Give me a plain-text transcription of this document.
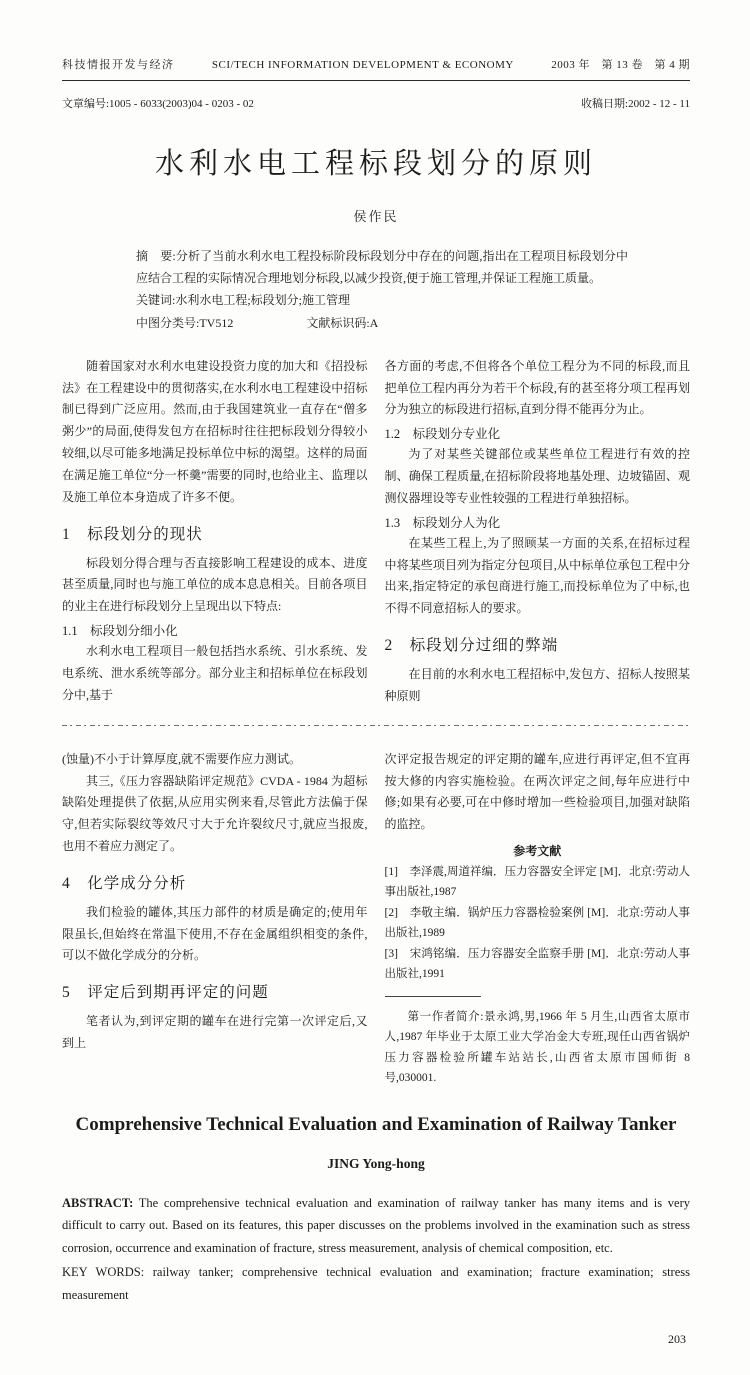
科技情报开发与经济	SCI/TECH INFORMATION DEVELOPMENT & ECONOMY	2003 年　第 13 卷　第 4 期
文章编号:1005 - 6033(2003)04 - 0203 - 02	收稿日期:2002 - 12 - 11
水利水电工程标段划分的原则
侯作民

摘　要:分析了当前水利水电工程投标阶段标段划分中存在的问题,指出在工程项目标段划分中应结合工程的实际情况合理地划分标段,以减少投资,便于施工管理,并保证工程施工质量。

关键词:水利水电工程;标段划分;施工管理

中图分类号:TV512	文献标识码:A

随着国家对水利水电建设投资力度的加大和《招投标法》在工程建设中的贯彻落实,在水利水电工程建设中招标制已得到广泛应用。然而,由于我国建筑业一直存在“僧多粥少”的局面,使得发包方在招标时往往把标段划分得较小较细,以尽可能多地满足投标单位中标的渴望。这样的局面在满足施工单位“分一杯羹”需要的同时,也给业主、监理以及施工单位本身造成了许多不便。

1　标段划分的现状

标段划分得合理与否直接影响工程建设的成本、进度甚至质量,同时也与施工单位的成本息息相关。目前各项目的业主在进行标段划分上呈现出以下特点:

1.1　标段划分细小化

水利水电工程项目一般包括挡水系统、引水系统、发电系统、泄水系统等部分。部分业主和招标单位在标段划分中,基于

各方面的考虑,不但将各个单位工程分为不同的标段,而且把单位工程内再分为若干个标段,有的甚至将分项工程再划分为独立的标段进行招标,直到分得不能再分为止。

1.2　标段划分专业化

为了对某些关键部位或某些单位工程进行有效的控制、确保工程质量,在招标阶段将地基处理、边坡锚固、观测仪器埋设等专业性较强的工程进行单独招标。

1.3　标段划分人为化

在某些工程上,为了照顾某一方面的关系,在招标过程中将某些项目列为指定分包项目,从中标单位承包工程中分出来,指定特定的承包商进行施工,而投标单位为了中标,也不得不同意招标人的要求。

2　标段划分过细的弊端

在目前的水利水电工程招标中,发包方、招标人按照某种原则

(蚀量)不小于计算厚度,就不需要作应力测试。

其三,《压力容器缺陷评定规范》CVDA - 1984 为超标缺陷处理提供了依据,从应用实例来看,尽管此方法偏于保守,但若实际裂纹等效尺寸大于允许裂纹尺寸,就应当报废,也用不着应力测定了。

4　化学成分分析

我们检验的罐体,其压力部件的材质是确定的;使用年限虽长,但始终在常温下使用,不存在金属组织相变的条件,可以不做化学成分的分析。

5　评定后到期再评定的问题

笔者认为,到评定期的罐车在进行完第一次评定后,又到上

次评定报告规定的评定期的罐车,应进行再评定,但不宜再按大修的内容实施检验。在两次评定之间,每年应进行中修;如果有必要,可在中修时增加一些检验项目,加强对缺陷的监控。

参考文献

[1]　李泽震,周道祥编．压力容器安全评定 [M]．北京:劳动人事出版社,1987

[2]　李敬主编．锅炉压力容器检验案例 [M]．北京:劳动人事出版社,1989

[3]　宋鸿铭编．压力容器安全监察手册 [M]．北京:劳动人事出版社,1991

第一作者简介:景永鸿,男,1966 年 5 月生,山西省太原市人,1987 年毕业于太原工业大学冶金大专班,现任山西省锅炉压力容器检验所罐车站站长,山西省太原市国师街 8 号,030001.

Comprehensive Technical Evaluation and Examination of Railway Tanker
JING Yong-hong

ABSTRACT: The comprehensive technical evaluation and examination of railway tanker has many items and is very difficult to carry out. Based on its features, this paper discusses on the problems involved in the examination such as stress corrosion, occurrence and examination of fracture, stress measurement, analysis of chemical composition, etc.

KEY WORDS: railway tanker; comprehensive technical evaluation and examination; fracture examination; stress measurement

203
